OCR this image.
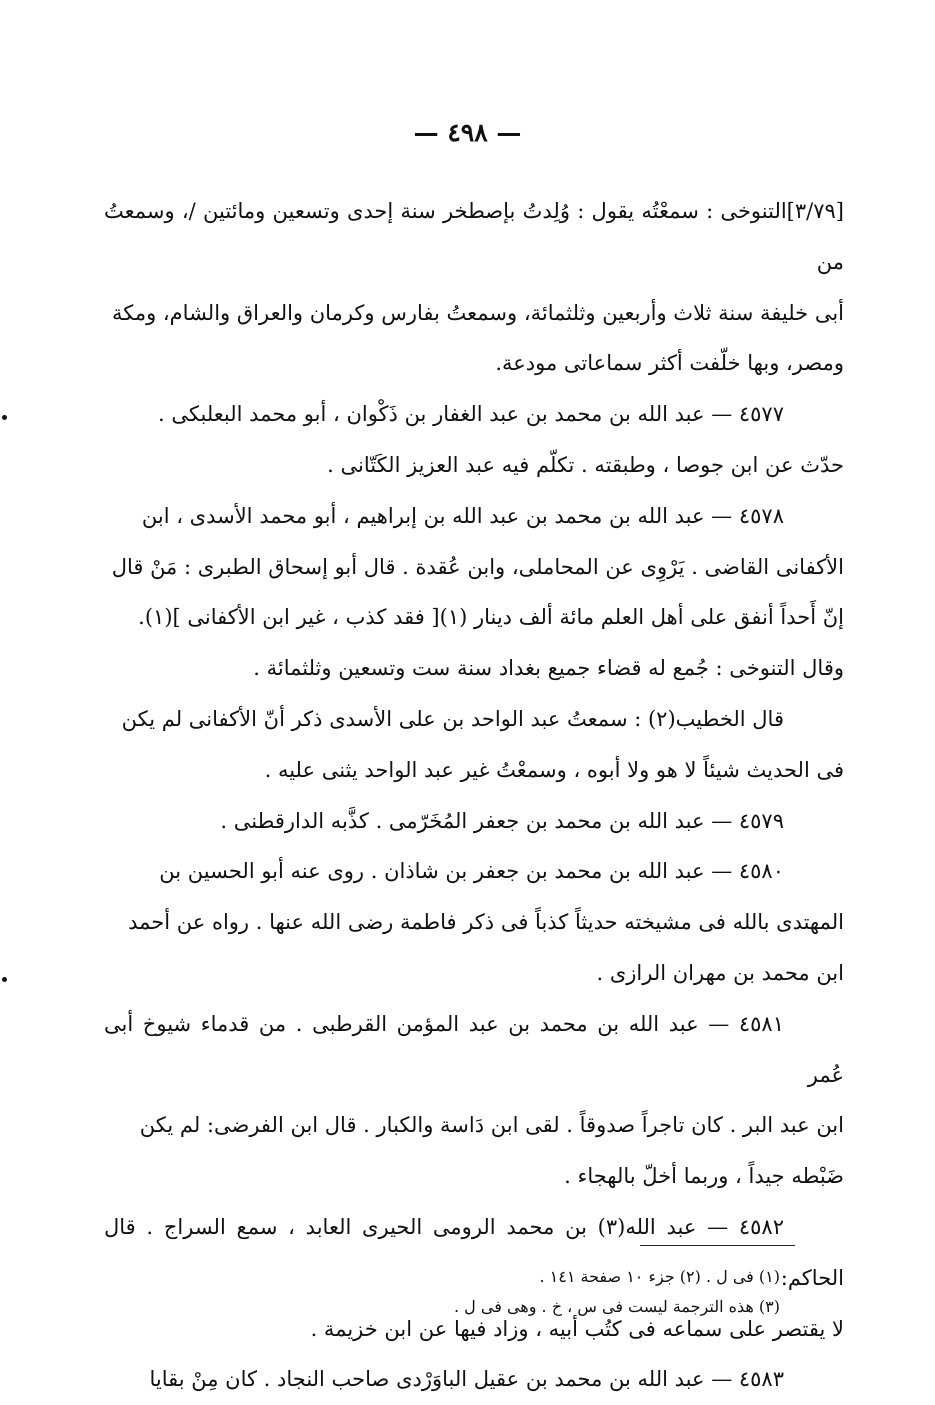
— ٤٩٨ —

[٣/٧٩]التنوخى : سمعْتُه يقول : وُلِدتُ بإصطخر سنة إحدى وتسعين ومائتين /، وسمعتُ من

أبى خليفة سنة ثلاث وأربعين وثلثمائة، وسمعتُ بفارس وكرمان والعراق والشام، ومكة

ومصر، وبها خلّفت أكثر سماعاتى مودعة.

٤٥٧٧ — عبد الله بن محمد بن عبد الغفار بن ذَكْوان ، أبو محمد البعلبكى .

حدّث عن ابن جوصا ، وطبقته . تكلّم فيه عبد العزيز الكَتّانى .

٤٥٧٨ — عبد الله بن محمد بن عبد الله بن إبراهيم ، أبو محمد الأسدى ، ابن

الأكفانى القاضى . يَرْوِى عن المحاملى، وابن عُقدة . قال أبو إسحاق الطبرى : مَنْ قال

إنّ أَحداً أنفق على أهل العلم مائة ألف دينار (١)[ فقد كذب ، غير ابن الأكفانى ](١).

وقال التنوخى : جُمع له قضاء جميع بغداد سنة ست وتسعين وثلثمائة .

قال الخطيب(٢) : سمعتُ عبد الواحد بن على الأسدى ذكر أنّ الأكفانى لم يكن

فى الحديث شيئاً لا هو ولا أبوه ، وسمعْتُ غير عبد الواحد يثنى عليه .

٤٥٧٩ — عبد الله بن محمد بن جعفر المُخَرّمى . كذَّبه الدارقطنى .

٤٥٨٠ — عبد الله بن محمد بن جعفر بن شاذان . روى عنه أبو الحسين بن

المهتدى بالله فى مشيخته حديثاً كذباً فى ذكر فاطمة رضى الله عنها . رواه عن أحمد

ابن محمد بن مهران الرازى .

٤٥٨١ — عبد الله بن محمد بن عبد المؤمن القرطبى . من قدماء شيوخ أبى عُمر

ابن عبد البر . كان تاجراً صدوقاً . لقى ابن دَاسة والكبار . قال ابن الفرضى: لم يكن

ضَبْطه جيداً ، وربما أخلّ بالهجاء .

٤٥٨٢ — عبد الله(٣) بن محمد الرومى الحيرى العابد ، سمع السراج . قال الحاكم:

لا يقتصر على سماعه فى كتُب أبيه ، وزاد فيها عن ابن خزيمة .

٤٥٨٣ — عبد الله بن محمد بن عقيل الباوَرْدى صاحب النجاد . كان مِنْ بقايا

(١) فى ل . (٢) جزء ١٠ صفحة ١٤١ .

(٣) هذه الترجمة ليست فى س ، خ . وهى فى ل .
